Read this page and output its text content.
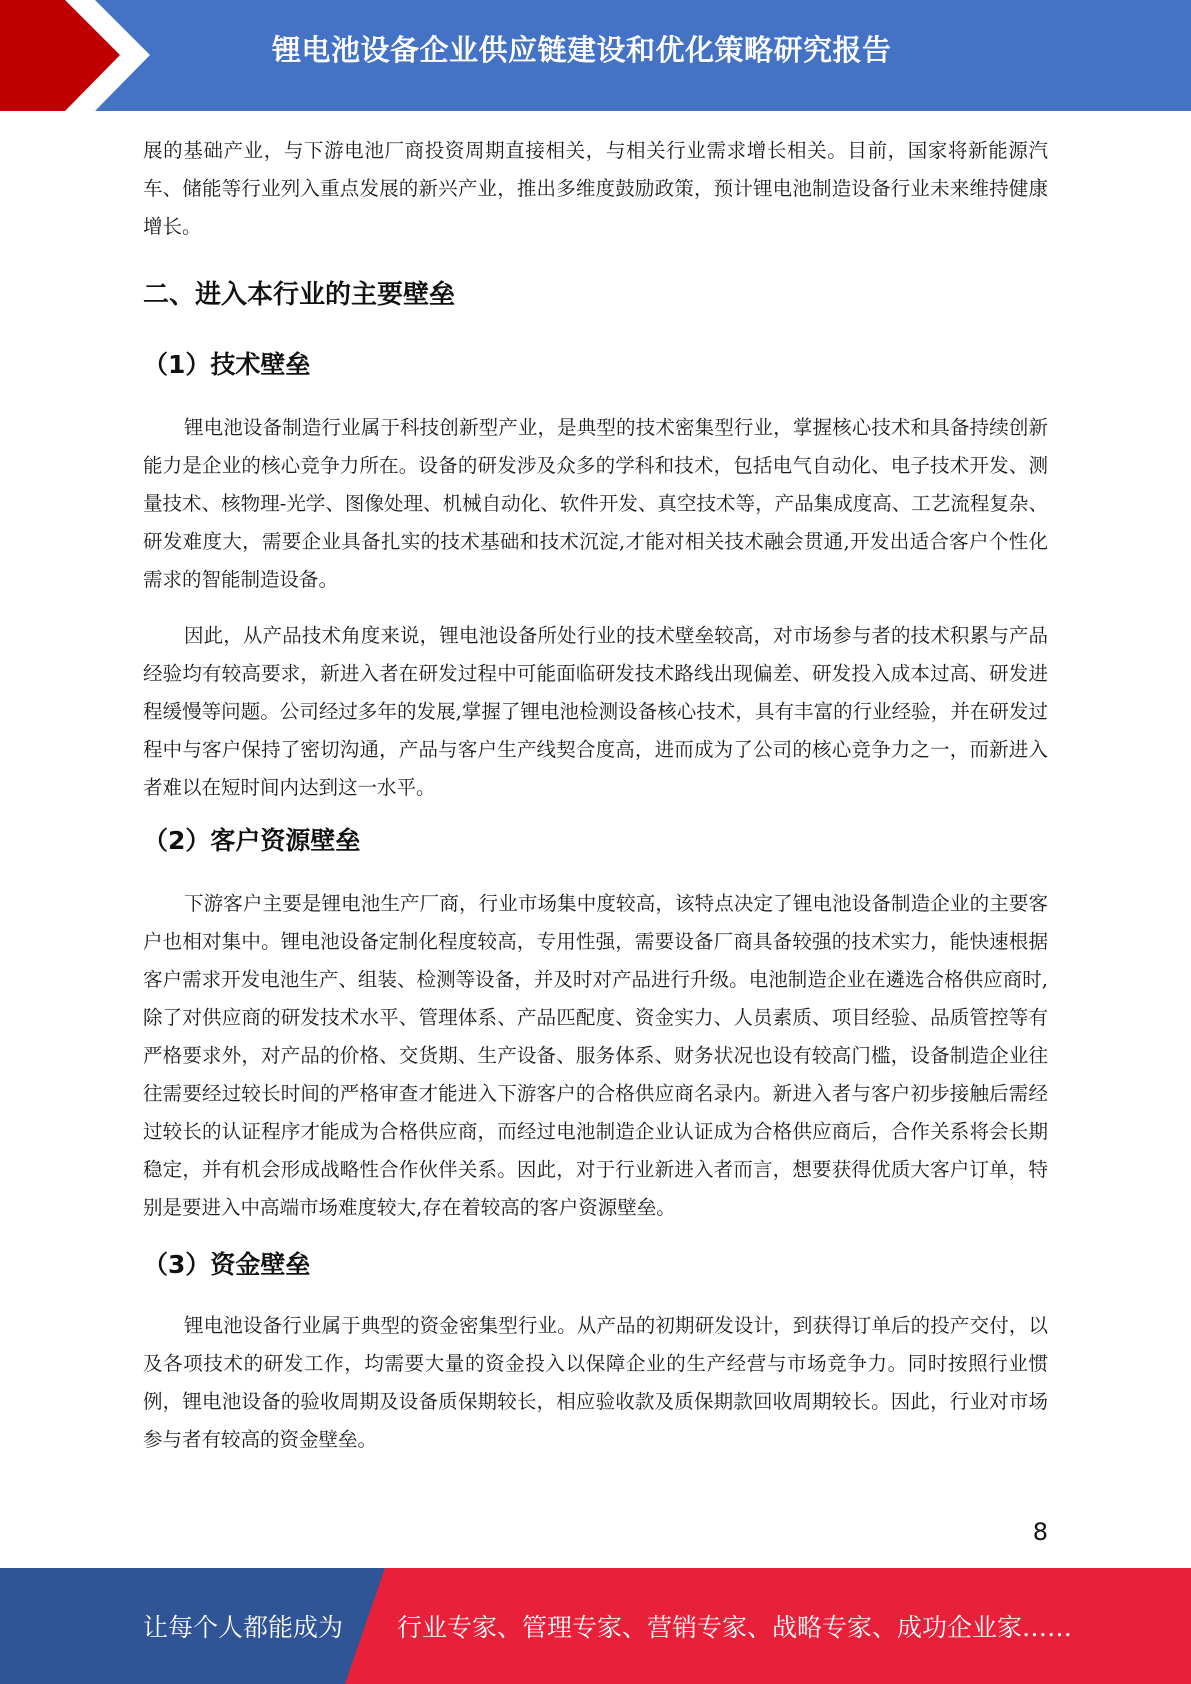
锂电池设备企业供应链建设和优化策略研究报告

展的基础产业，与下游电池厂商投资周期直接相关，与相关行业需求增长相关。目前，国家将新能源汽车、储能等行业列入重点发展的新兴产业，推出多维度鼓励政策，预计锂电池制造设备行业未来维持健康增长。

二、进入本行业的主要壁垒
（1）技术壁垒

锂电池设备制造行业属于科技创新型产业，是典型的技术密集型行业，掌握核心技术和具备持续创新能力是企业的核心竞争力所在。设备的研发涉及众多的学科和技术，包括电气自动化、电子技术开发、测量技术、核物理-光学、图像处理、机械自动化、软件开发、真空技术等，产品集成度高、工艺流程复杂、研发难度大，需要企业具备扎实的技术基础和技术沉淀,才能对相关技术融会贯通,开发出适合客户个性化需求的智能制造设备。

因此，从产品技术角度来说，锂电池设备所处行业的技术壁垒较高，对市场参与者的技术积累与产品经验均有较高要求，新进入者在研发过程中可能面临研发技术路线出现偏差、研发投入成本过高、研发进程缓慢等问题。公司经过多年的发展,掌握了锂电池检测设备核心技术，具有丰富的行业经验，并在研发过程中与客户保持了密切沟通，产品与客户生产线契合度高，进而成为了公司的核心竞争力之一，而新进入者难以在短时间内达到这一水平。

（2）客户资源壁垒

下游客户主要是锂电池生产厂商，行业市场集中度较高，该特点决定了锂电池设备制造企业的主要客户也相对集中。锂电池设备定制化程度较高，专用性强，需要设备厂商具备较强的技术实力，能快速根据客户需求开发电池生产、组装、检测等设备，并及时对产品进行升级。电池制造企业在遴选合格供应商时,除了对供应商的研发技术水平、管理体系、产品匹配度、资金实力、人员素质、项目经验、品质管控等有严格要求外，对产品的价格、交货期、生产设备、服务体系、财务状况也设有较高门槛，设备制造企业往往需要经过较长时间的严格审查才能进入下游客户的合格供应商名录内。新进入者与客户初步接触后需经过较长的认证程序才能成为合格供应商，而经过电池制造企业认证成为合格供应商后，合作关系将会长期稳定，并有机会形成战略性合作伙伴关系。因此，对于行业新进入者而言，想要获得优质大客户订单，特别是要进入中高端市场难度较大,存在着较高的客户资源壁垒。

（3）资金壁垒

锂电池设备行业属于典型的资金密集型行业。从产品的初期研发设计，到获得订单后的投产交付，以及各项技术的研发工作，均需要大量的资金投入以保障企业的生产经营与市场竞争力。同时按照行业惯例，锂电池设备的验收周期及设备质保期较长，相应验收款及质保期款回收周期较长。因此，行业对市场参与者有较高的资金壁垒。

8
让每个人都能成为 行业专家、管理专家、营销专家、战略专家、成功企业家……
